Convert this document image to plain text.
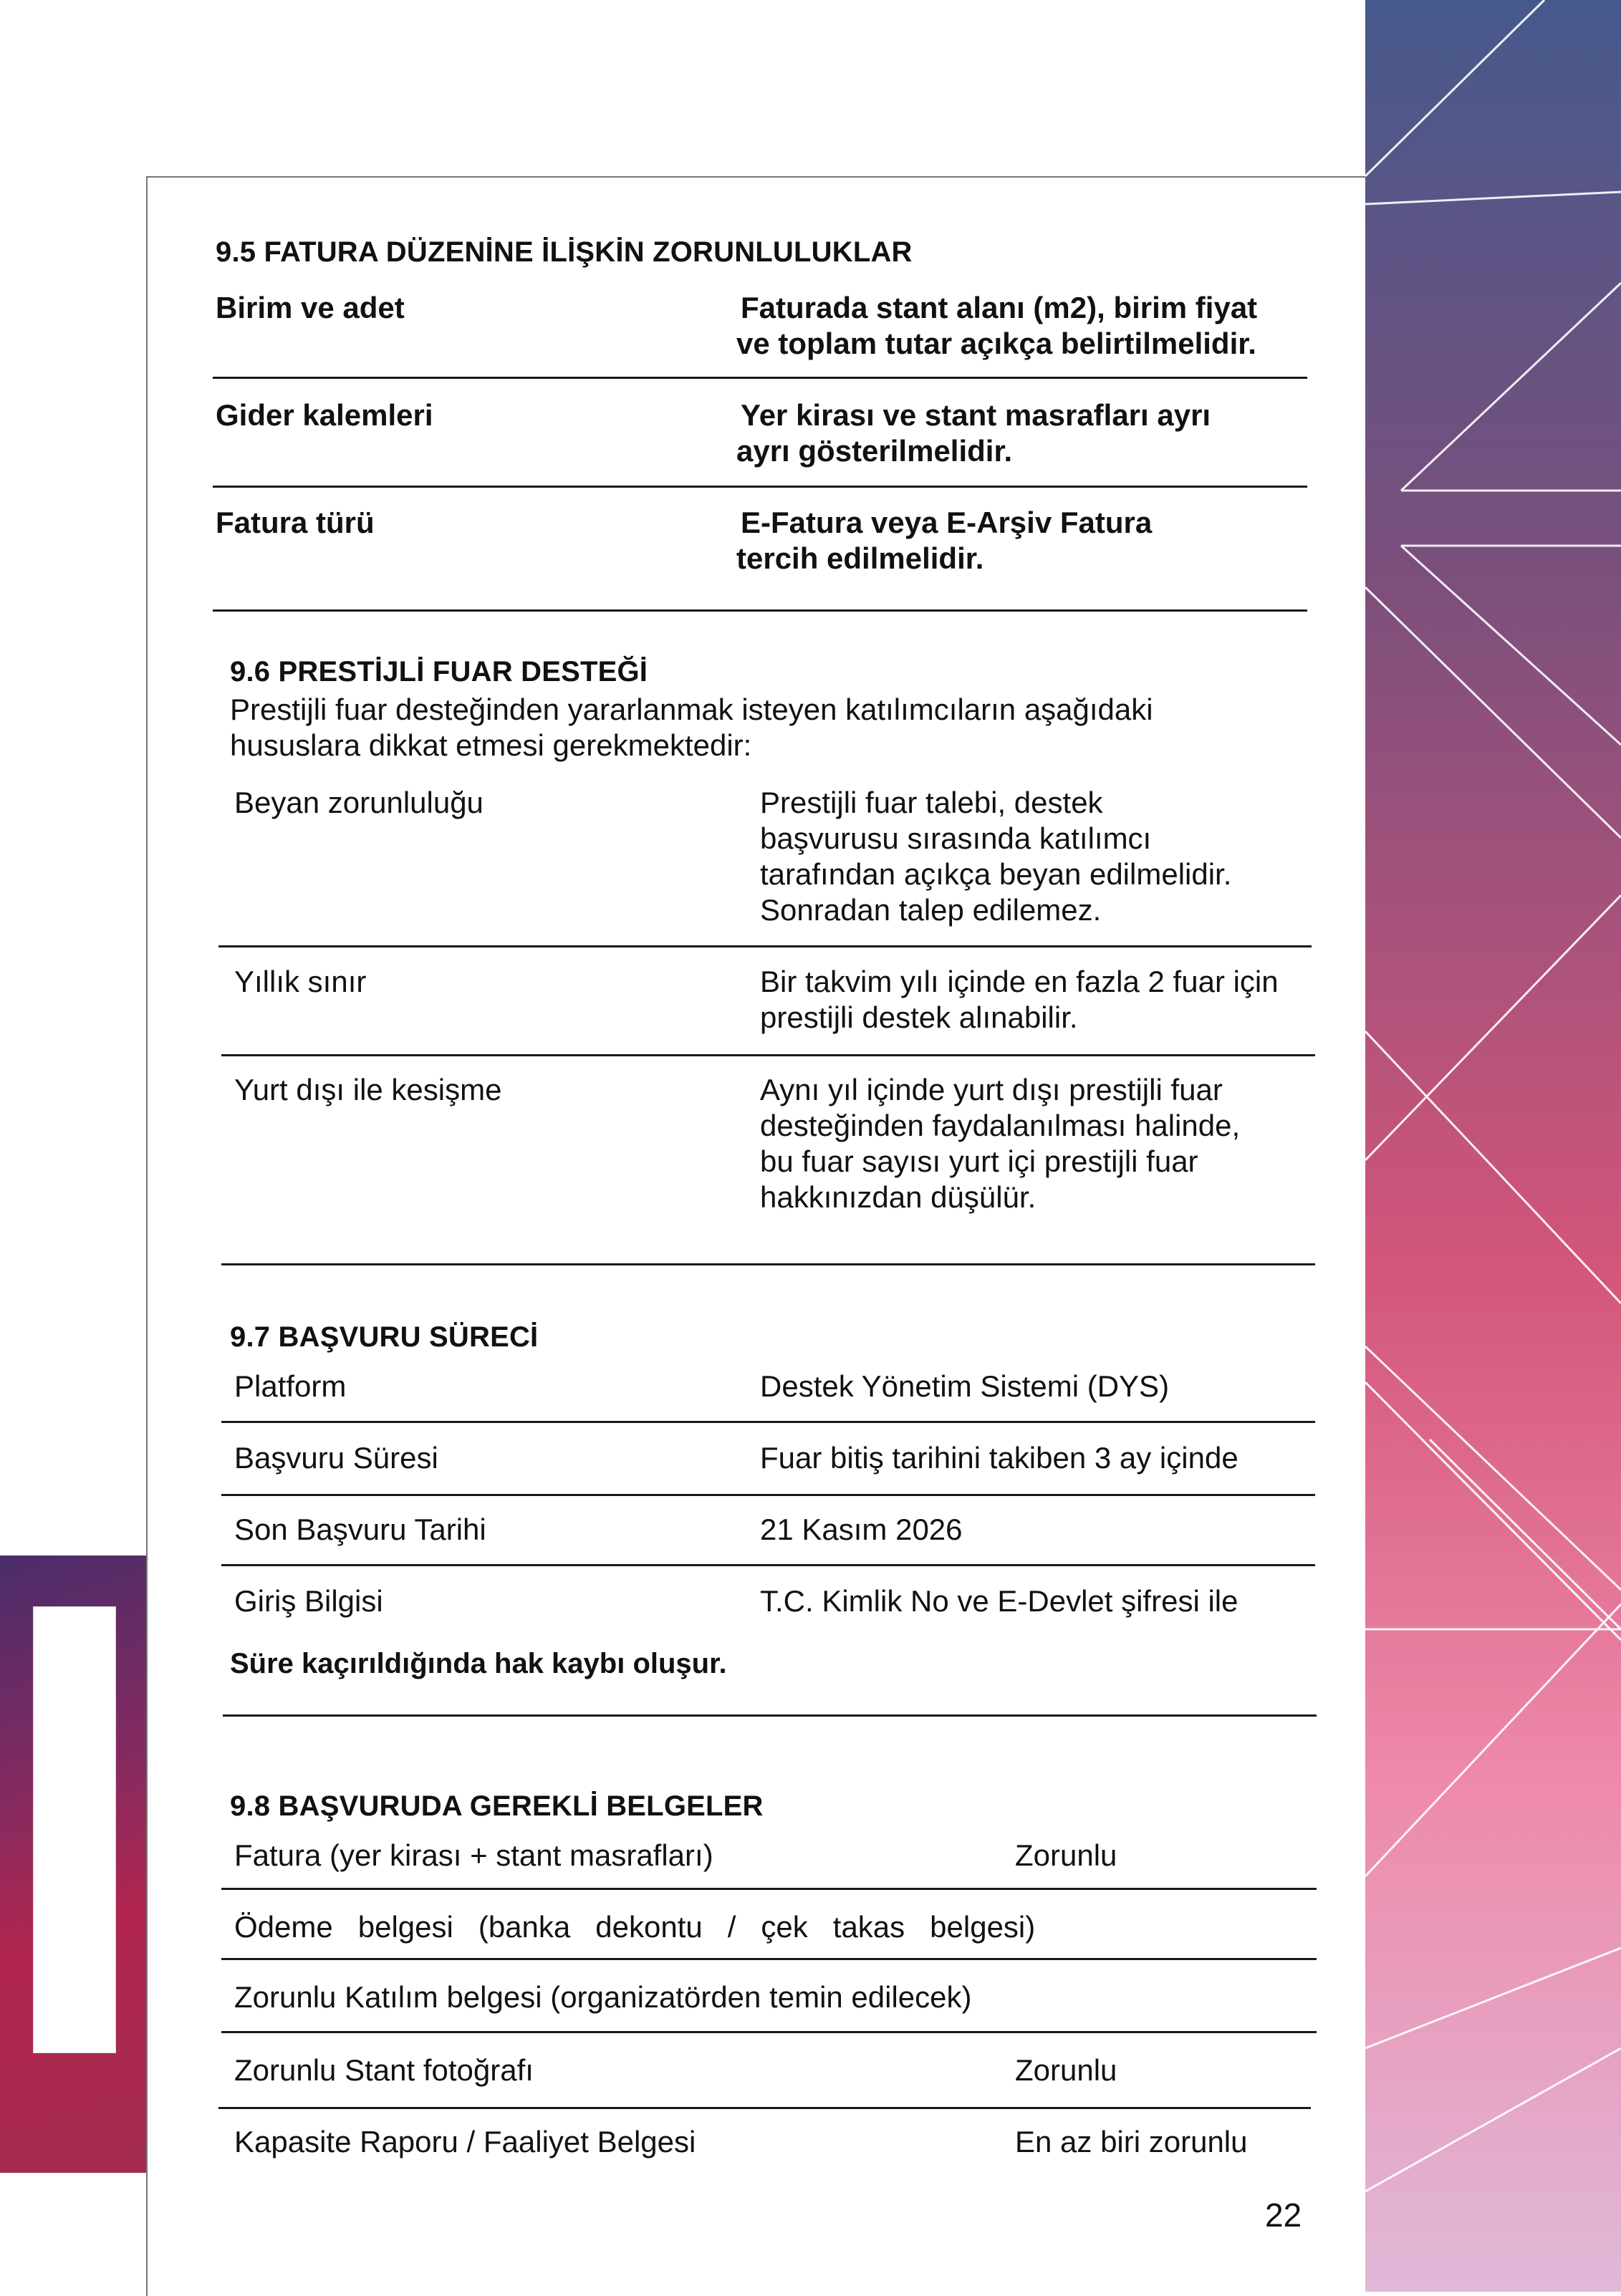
9.5 FATURA DÜZENİNE İLİŞKİN ZORUNLULUKLAR
Birim ve adet	Faturada stant alanı (m2), birim fiyat
ve toplam tutar açıkça belirtilmelidir.
Gider kalemleri	Yer kirası ve stant masrafları ayrı
ayrı gösterilmelidir.
Fatura türü	E-Fatura veya E-Arşiv Fatura
tercih edilmelidir.
9.6 PRESTİJLİ FUAR DESTEĞİ
Prestijli fuar desteğinden yararlanmak isteyen katılımcıların aşağıdaki
hususlara dikkat etmesi gerekmektedir:
Beyan zorunluluğu	Prestijli fuar talebi, destek
başvurusu sırasında katılımcı
tarafından açıkça beyan edilmelidir.
Sonradan talep edilemez.
Yıllık sınır	Bir takvim yılı içinde en fazla 2 fuar için
prestijli destek alınabilir.
Yurt dışı ile kesişme	Aynı yıl içinde yurt dışı prestijli fuar
desteğinden faydalanılması halinde,
bu fuar sayısı yurt içi prestijli fuar
hakkınızdan düşülür.
9.7 BAŞVURU SÜRECİ
Platform	Destek Yönetim Sistemi (DYS)
Başvuru Süresi	Fuar bitiş tarihini takiben 3 ay içinde
Son Başvuru Tarihi	21 Kasım 2026
Giriş Bilgisi	T.C. Kimlik No ve E-Devlet şifresi ile
Süre kaçırıldığında hak kaybı oluşur.
9.8 BAŞVURUDA GEREKLİ BELGELER
Fatura (yer kirası + stant masrafları)	Zorunlu
Ödeme   belgesi   (banka   dekontu   /   çek   takas   belgesi)
Zorunlu Katılım belgesi (organizatörden temin edilecek)
Zorunlu Stant fotoğrafı	Zorunlu
Kapasite Raporu / Faaliyet Belgesi	En az biri zorunlu
22
